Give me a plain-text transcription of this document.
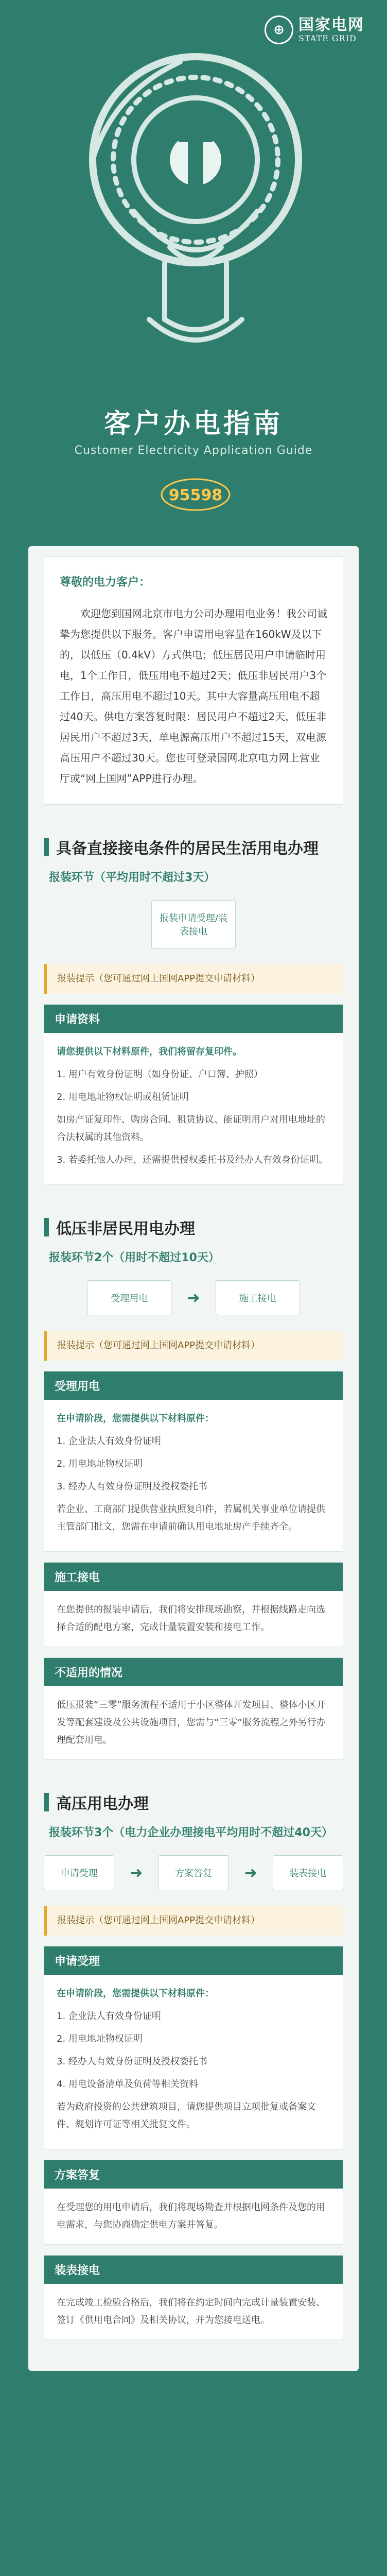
⊕ 国家电网
STATE GRID
客户办电指南
Customer Electricity Application Guide
95598
尊敬的电力客户：
欢迎您到国网北京市电力公司办理用电业务！我公司诚挚为您提供以下服务。客户申请用电容量在160kW及以下的，以低压（0.4kV）方式供电；低压居民用户申请临时用电，1个工作日，低压用电不超过2天；低压非居民用户3个工作日，高压用电不超过10天。其中大容量高压用电不超过40天。供电方案答复时限：居民用户不超过2天，低压非居民用户不超过3天，单电源高压用户不超过15天，双电源高压用户不超过30天。您也可登录国网北京电力网上营业厅或“网上国网”APP进行办理。
具备直接接电条件的居民生活用电办理
报装环节（平均用时不超过3天）
报装申请受理/装表接电
报装提示（您可通过网上国网APP提交申请材料）
申请资料

请您提供以下材料原件，我们将留存复印件。

1. 用户有效身份证明（如身份证、户口簿、护照）

2. 用电地址物权证明或租赁证明

如房产证复印件、购房合同、租赁协议、能证明用户对用电地址的合法权属的其他资料。

3. 若委托他人办理，还需提供授权委托书及经办人有效身份证明。

低压非居民用电办理
报装环节2个（用时不超过10天）
受理用电	➜	施工接电
报装提示（您可通过网上国网APP提交申请材料）
受理用电

在申请阶段，您需提供以下材料原件：

1. 企业法人有效身份证明

2. 用电地址物权证明

3. 经办人有效身份证明及授权委托书

若企业、工商部门提供营业执照复印件，若属机关事业单位请提供主管部门批文，您需在申请前确认用电地址房产手续齐全。

施工接电
在您提供的报装申请后，我们将安排现场勘察，并根据线路走向选择合适的配电方案，完成计量装置安装和接电工作。
不适用的情况
低压报装“三零”服务流程不适用于小区整体开发项目、整体小区开发等配套建设及公共设施项目，您需与“三零”服务流程之外另行办理配套用电。
高压用电办理
报装环节3个（电力企业办理接电平均用时不超过40天）
申请受理	➜	方案答复	➜	装表接电
报装提示（您可通过网上国网APP提交申请材料）
申请受理

在申请阶段，您需提供以下材料原件：

1. 企业法人有效身份证明

2. 用电地址物权证明

3. 经办人有效身份证明及授权委托书

4. 用电设备清单及负荷等相关资料

若为政府投资的公共建筑项目，请您提供项目立项批复或备案文件、规划许可证等相关批复文件。

方案答复
在受理您的用电申请后，我们将现场勘查并根据电网条件及您的用电需求，与您协商确定供电方案并答复。
装表接电
在完成竣工检验合格后，我们将在约定时间内完成计量装置安装、签订《供用电合同》及相关协议，并为您接电送电。
